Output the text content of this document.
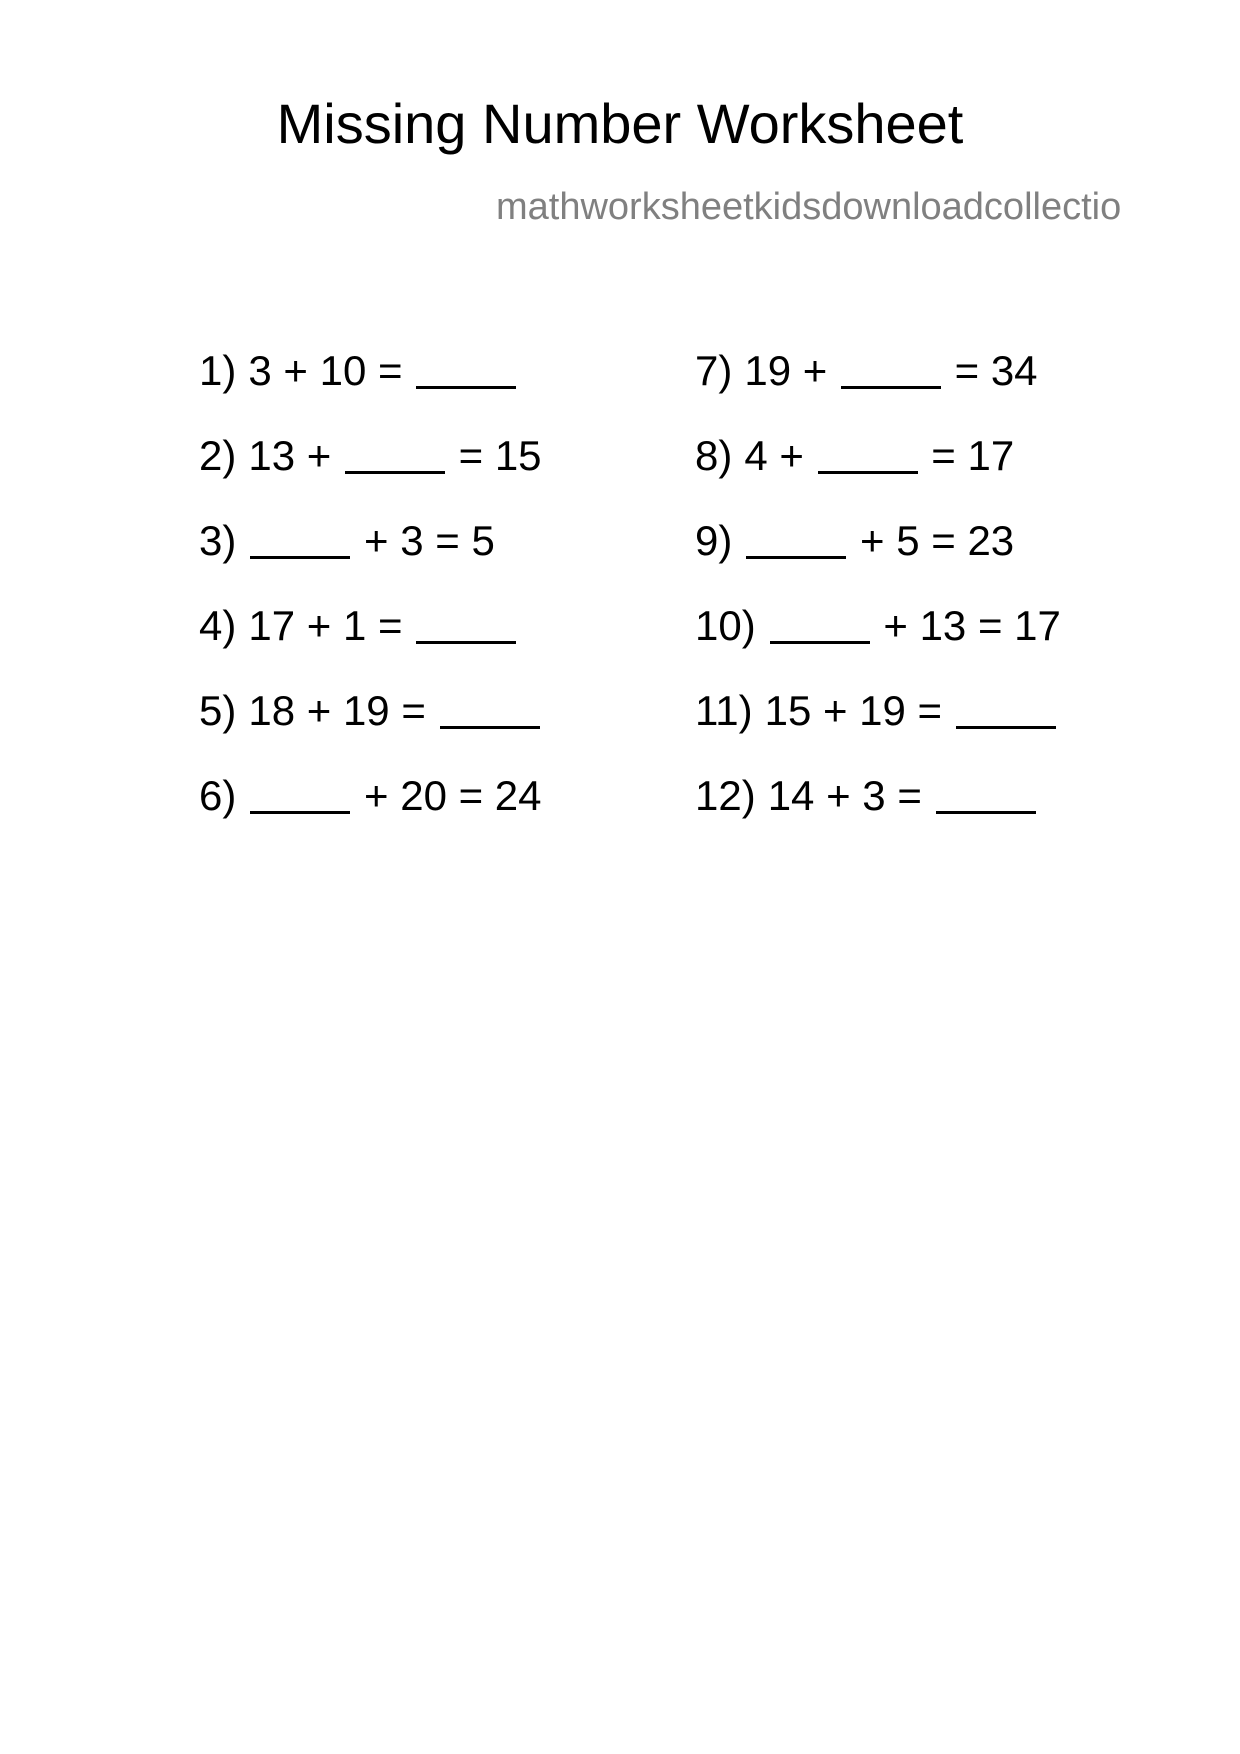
Missing Number Worksheet
mathworksheetkidsdownloadcollectio
1) 3 + 10 =
2) 13 +	= 15
3)	+ 3 = 5
4) 17 + 1 =
5) 18 + 19 =
6)	+ 20 = 24
7) 19 +	= 34
8) 4 +	= 17
9)	+ 5 = 23
10)	+ 13 = 17
11) 15 + 19 =
12) 14 + 3 =
